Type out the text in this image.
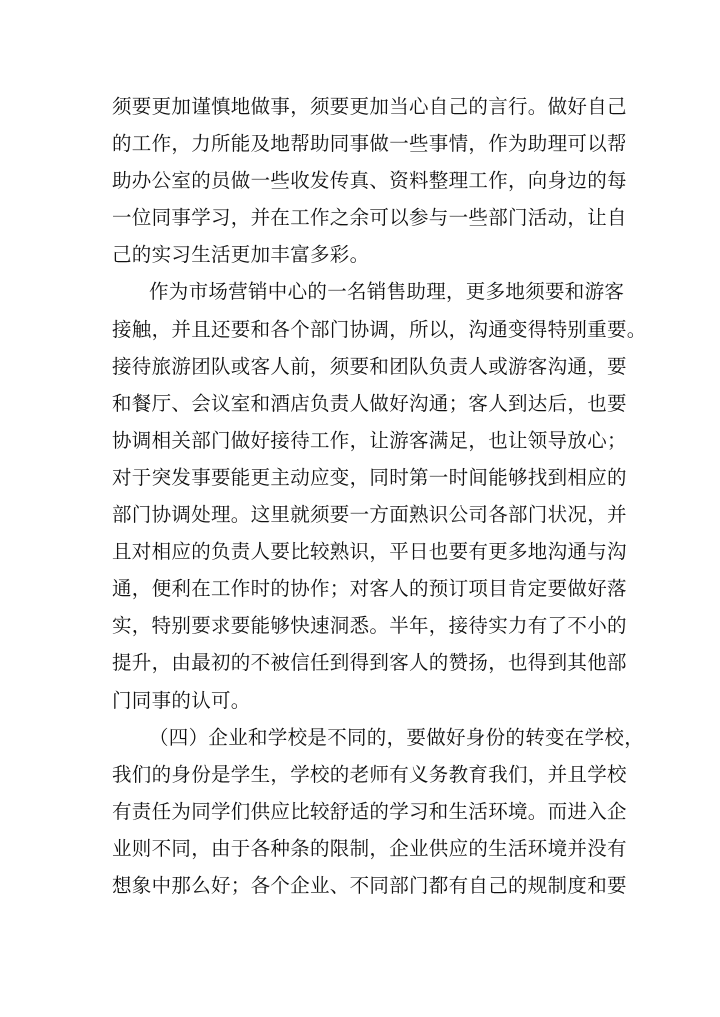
须要更加谨慎地做事，须要更加当心自己的言行。做好自己
的工作，力所能及地帮助同事做一些事情，作为助理可以帮
助办公室的员做一些收发传真、资料整理工作，向身边的每
一位同事学习，并在工作之余可以参与一些部门活动，让自
己的实习生活更加丰富多彩。
作为市场营销中心的一名销售助理，更多地须要和游客
接触，并且还要和各个部门协调，所以，沟通变得特别重要。
接待旅游团队或客人前，须要和团队负责人或游客沟通，要
和餐厅、会议室和酒店负责人做好沟通；客人到达后，也要
协调相关部门做好接待工作，让游客满足，也让领导放心；
对于突发事要能更主动应变，同时第一时间能够找到相应的
部门协调处理。这里就须要一方面熟识公司各部门状况，并
且对相应的负责人要比较熟识，平日也要有更多地沟通与沟
通，便利在工作时的协作；对客人的预订项目肯定要做好落
实，特别要求要能够快速洞悉。半年，接待实力有了不小的
提升，由最初的不被信任到得到客人的赞扬，也得到其他部
门同事的认可。
（四）企业和学校是不同的，要做好身份的转变在学校，
我们的身份是学生，学校的老师有义务教育我们，并且学校
有责任为同学们供应比较舒适的学习和生活环境。而进入企
业则不同，由于各种条的限制，企业供应的生活环境并没有
想象中那么好；各个企业、不同部门都有自己的规制度和要
